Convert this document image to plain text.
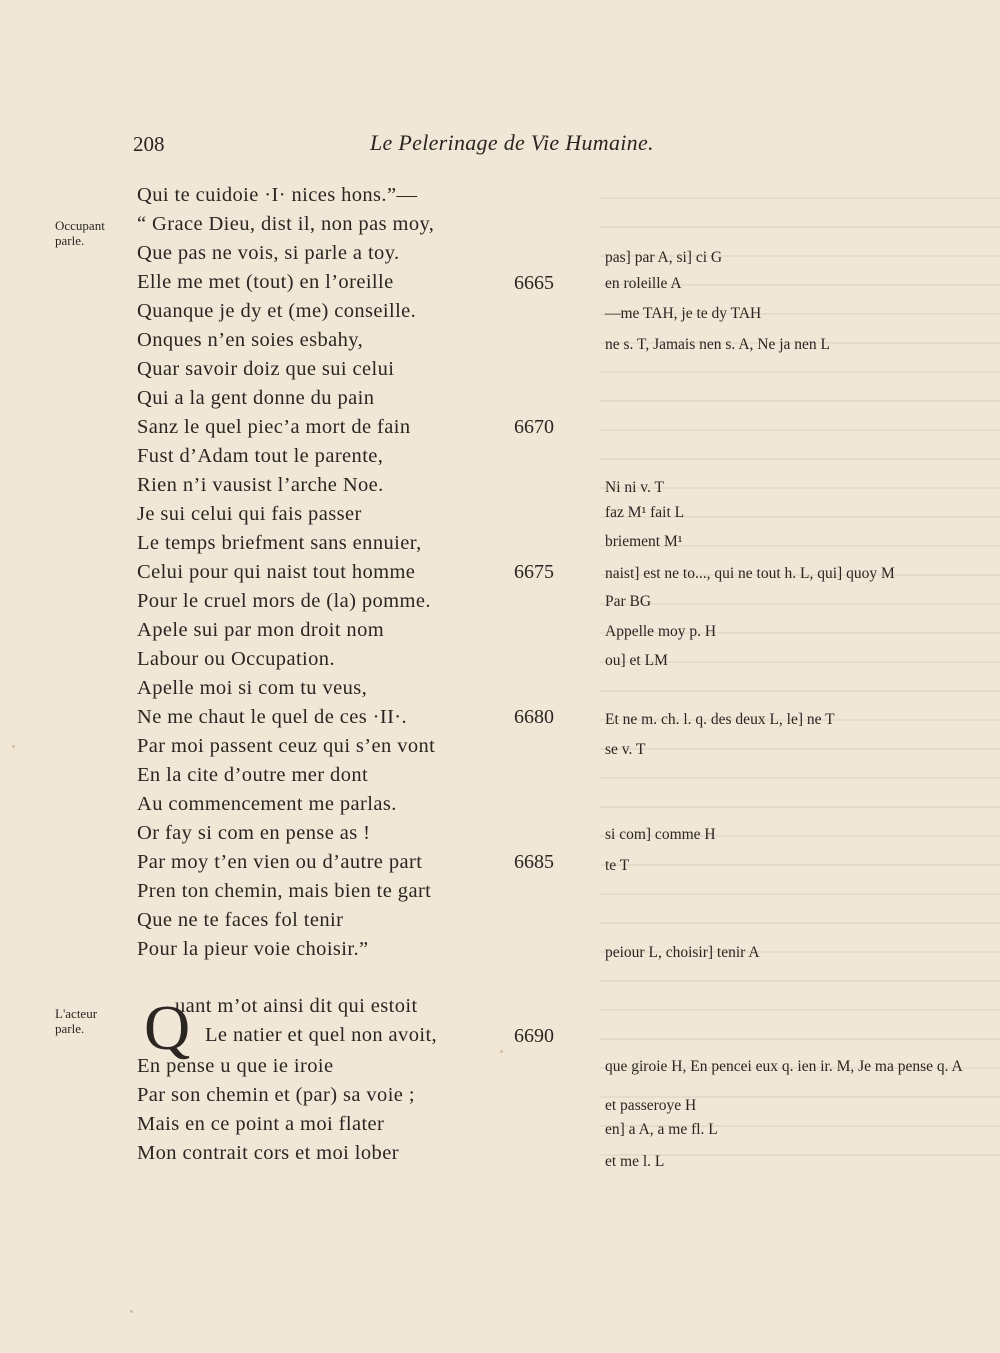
208	Le Pelerinage de Vie Humaine.
Occupant parle.
L'acteur parle.
Qui te cuidoie ·I· nices hons.”—
“ Grace Dieu, dist il, non pas moy,
Que pas ne vois, si parle a toy.
Elle me met (tout) en l’oreille
Quanque je dy et (me) conseille.
Onques n’en soies esbahy,
Quar savoir doiz que sui celui
Qui a la gent donne du pain
Sanz le quel piec’a mort de fain
Fust d’Adam tout le parente,
Rien n’i vausist l’arche Noe.
Je sui celui qui fais passer
Le temps briefment sans ennuier,
Celui pour qui naist tout homme
Pour le cruel mors de (la) pomme.
Apele sui par mon droit nom
Labour ou Occupation.
Apelle moi si com tu veus,
Ne me chaut le quel de ces ·II·.
Par moi passent ceuz qui s’en vont
En la cite d’outre mer dont
Au commencement me parlas.
Or fay si com en pense as !
Par moy t’en vien ou d’autre part
Pren ton chemin, mais bien te gart
Que ne te faces fol tenir
Pour la pieur voie choisir.”
Q
uant m’ot ainsi dit qui estoit
Le natier et quel non avoit,
En pense u que ie iroie
Par son chemin et (par) sa voie ;
Mais en ce point a moi flater
Mon contrait cors et moi lober
6665
6670
6675
6680
6685
6690
pas] par A, si] ci G
en roleille A
—me TAH, je te dy TAH
ne s. T, Jamais nen s. A, Ne ja nen L
Ni ni v. T
faz M¹ fait L
briement M¹
naist] est ne to..., qui ne tout h. L, qui] quoy M
Par BG
Appelle moy p. H
ou] et LM
Et ne m. ch. l. q. des deux L, le] ne T
se v. T
si com] comme H
te T
peiour L, choisir] tenir A
que giroie H, En pencei eux q. ien ir. M, Je ma pense q. A
et passeroye H
en] a A, a me fl. L
et me l. L
